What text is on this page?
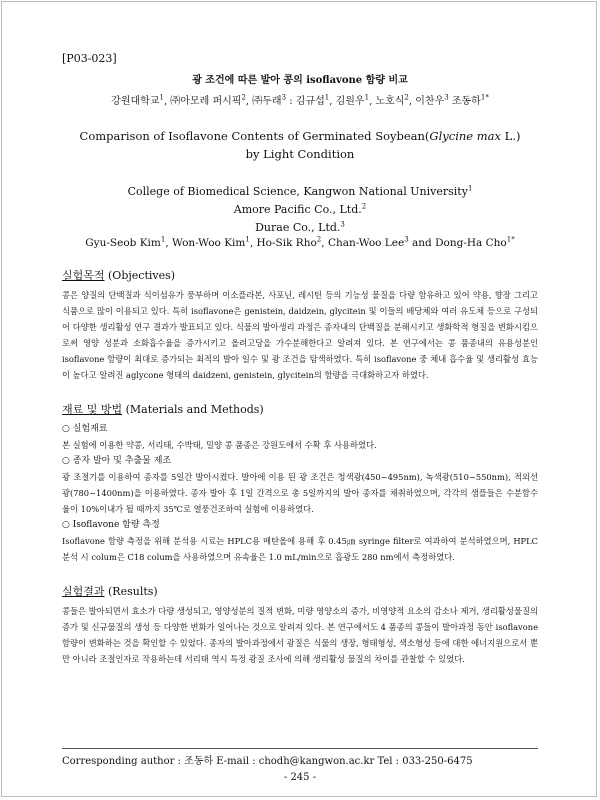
[P03-023]
광 조건에 따른 발아 콩의 isoflavone 함량 비교
강원대학교$^1$, ㈜아모레 퍼시픽$^2$, ㈜두래$^3$ : 김규섭$^1$, 김원우$^1$, 노호식$^2$, 이찬우$^3$ 조동하$^{1*}$
Comparison of Isoflavone Contents of Germinated Soybean(Glycine max L.)
by Light Condition
College of Biomedical Science, Kangwon National University$^1$
Amore Pacific Co., Ltd.$^2$
Durae Co., Ltd.$^3$
Gyu-Seob Kim$^1$, Won-Woo Kim$^1$, Ho-Sik Rho$^2$, Chan-Woo Lee$^3$ and Dong-Ha Cho$^{1*}$
실험목적 (Objectives)

콩은 양질의 단백질과 식이섬유가 풍부하며 이소플라본, 사포닌, 레시틴 등의 기능성 물질을 다량 함유하고 있어 약용, 향장 그리고 식품으로 많이 이용되고 있다. 특히 isoflavone은 genistein, daidzein, glycitein 및 이들의 배당체와 여러 유도체 등으로 구성되어 다양한 생리활성 연구 결과가 발표되고 있다. 식물의 발아생리 과정은 종자내의 단백질을 분해시키고 생화학적 형질을 변화시킴으로써 영양 성분과 소화흡수율을 증가시키고 올려고당을 가수분해한다고 알려져 있다. 본 연구에서는 콩 품종내의 유용성분인 isoflavone 함량이 최대로 증가되는 최적의 발아 일수 및 광 조건을 탐색하였다. 특히 isoflavone 중 체내 흡수율 및 생리활성 효능이 높다고 알려진 aglycone 형태의 daidzeni, genistein, glycitein의 함량을 극대화하고자 하였다.

재료 및 방법 (Materials and Methods)
○ 실험재료

본 실험에 이용한 약콩, 서리태, 수박태, 밀양 콩 품종은 강원도에서 수확 후 사용하였다.

○ 종자 발아 및 추출물 제조

광 조절기를 이용하여 종자를 5일간 발아시켰다. 발아에 이용 된 광 조건은 청색광(450~495nm), 녹색광(510~550nm), 적외선광(780~1400nm)을 이용하였다. 종자 발아 후 1일 간격으로 총 5일까지의 발아 종자를 채취하였으며, 각각의 샘플들은 수분함수율이 10%이내가 될 때까지 35℃로 열풍건조하여 실험에 이용하였다.

○ Isoflavone 함량 측정

Isoflavone 함량 측정을 위해 분석용 시료는 HPLC용 메탄올에 용해 후 0.45㎛ syringe filter로 여과하여 분석하였으며, HPLC 분석 시 colum은 C18 colum을 사용하였으며 유속율은 1.0 mL/min으로 흡광도 280 nm에서 측정하였다.

실험결과 (Results)

콩들은 발아되면서 효소가 다량 생성되고, 영양성분의 질적 변화, 미량 영양소의 증가, 비영양적 요소의 감소나 제거, 생리활성물질의 증가 및 신규물질의 생성 등 다양한 변화가 일어나는 것으로 알려져 있다. 본 연구에서도 4 품종의 콩들이 발아과정 동안 isoflavone 함량이 변화하는 것을 확인할 수 있었다. 종자의 발아과정에서 광질은 식물의 생장, 형태형성, 색소형성 등에 대한 에너지원으로서 뿐만 아니라 조절인자로 작용하는데 서리태 역시 특정 광질 조사에 의해 생리활성 물질의 차이를 관찰할 수 있었다.

Corresponding author : 조동하 E-mail : chodh@kangwon.ac.kr Tel : 033-250-6475
- 245 -
